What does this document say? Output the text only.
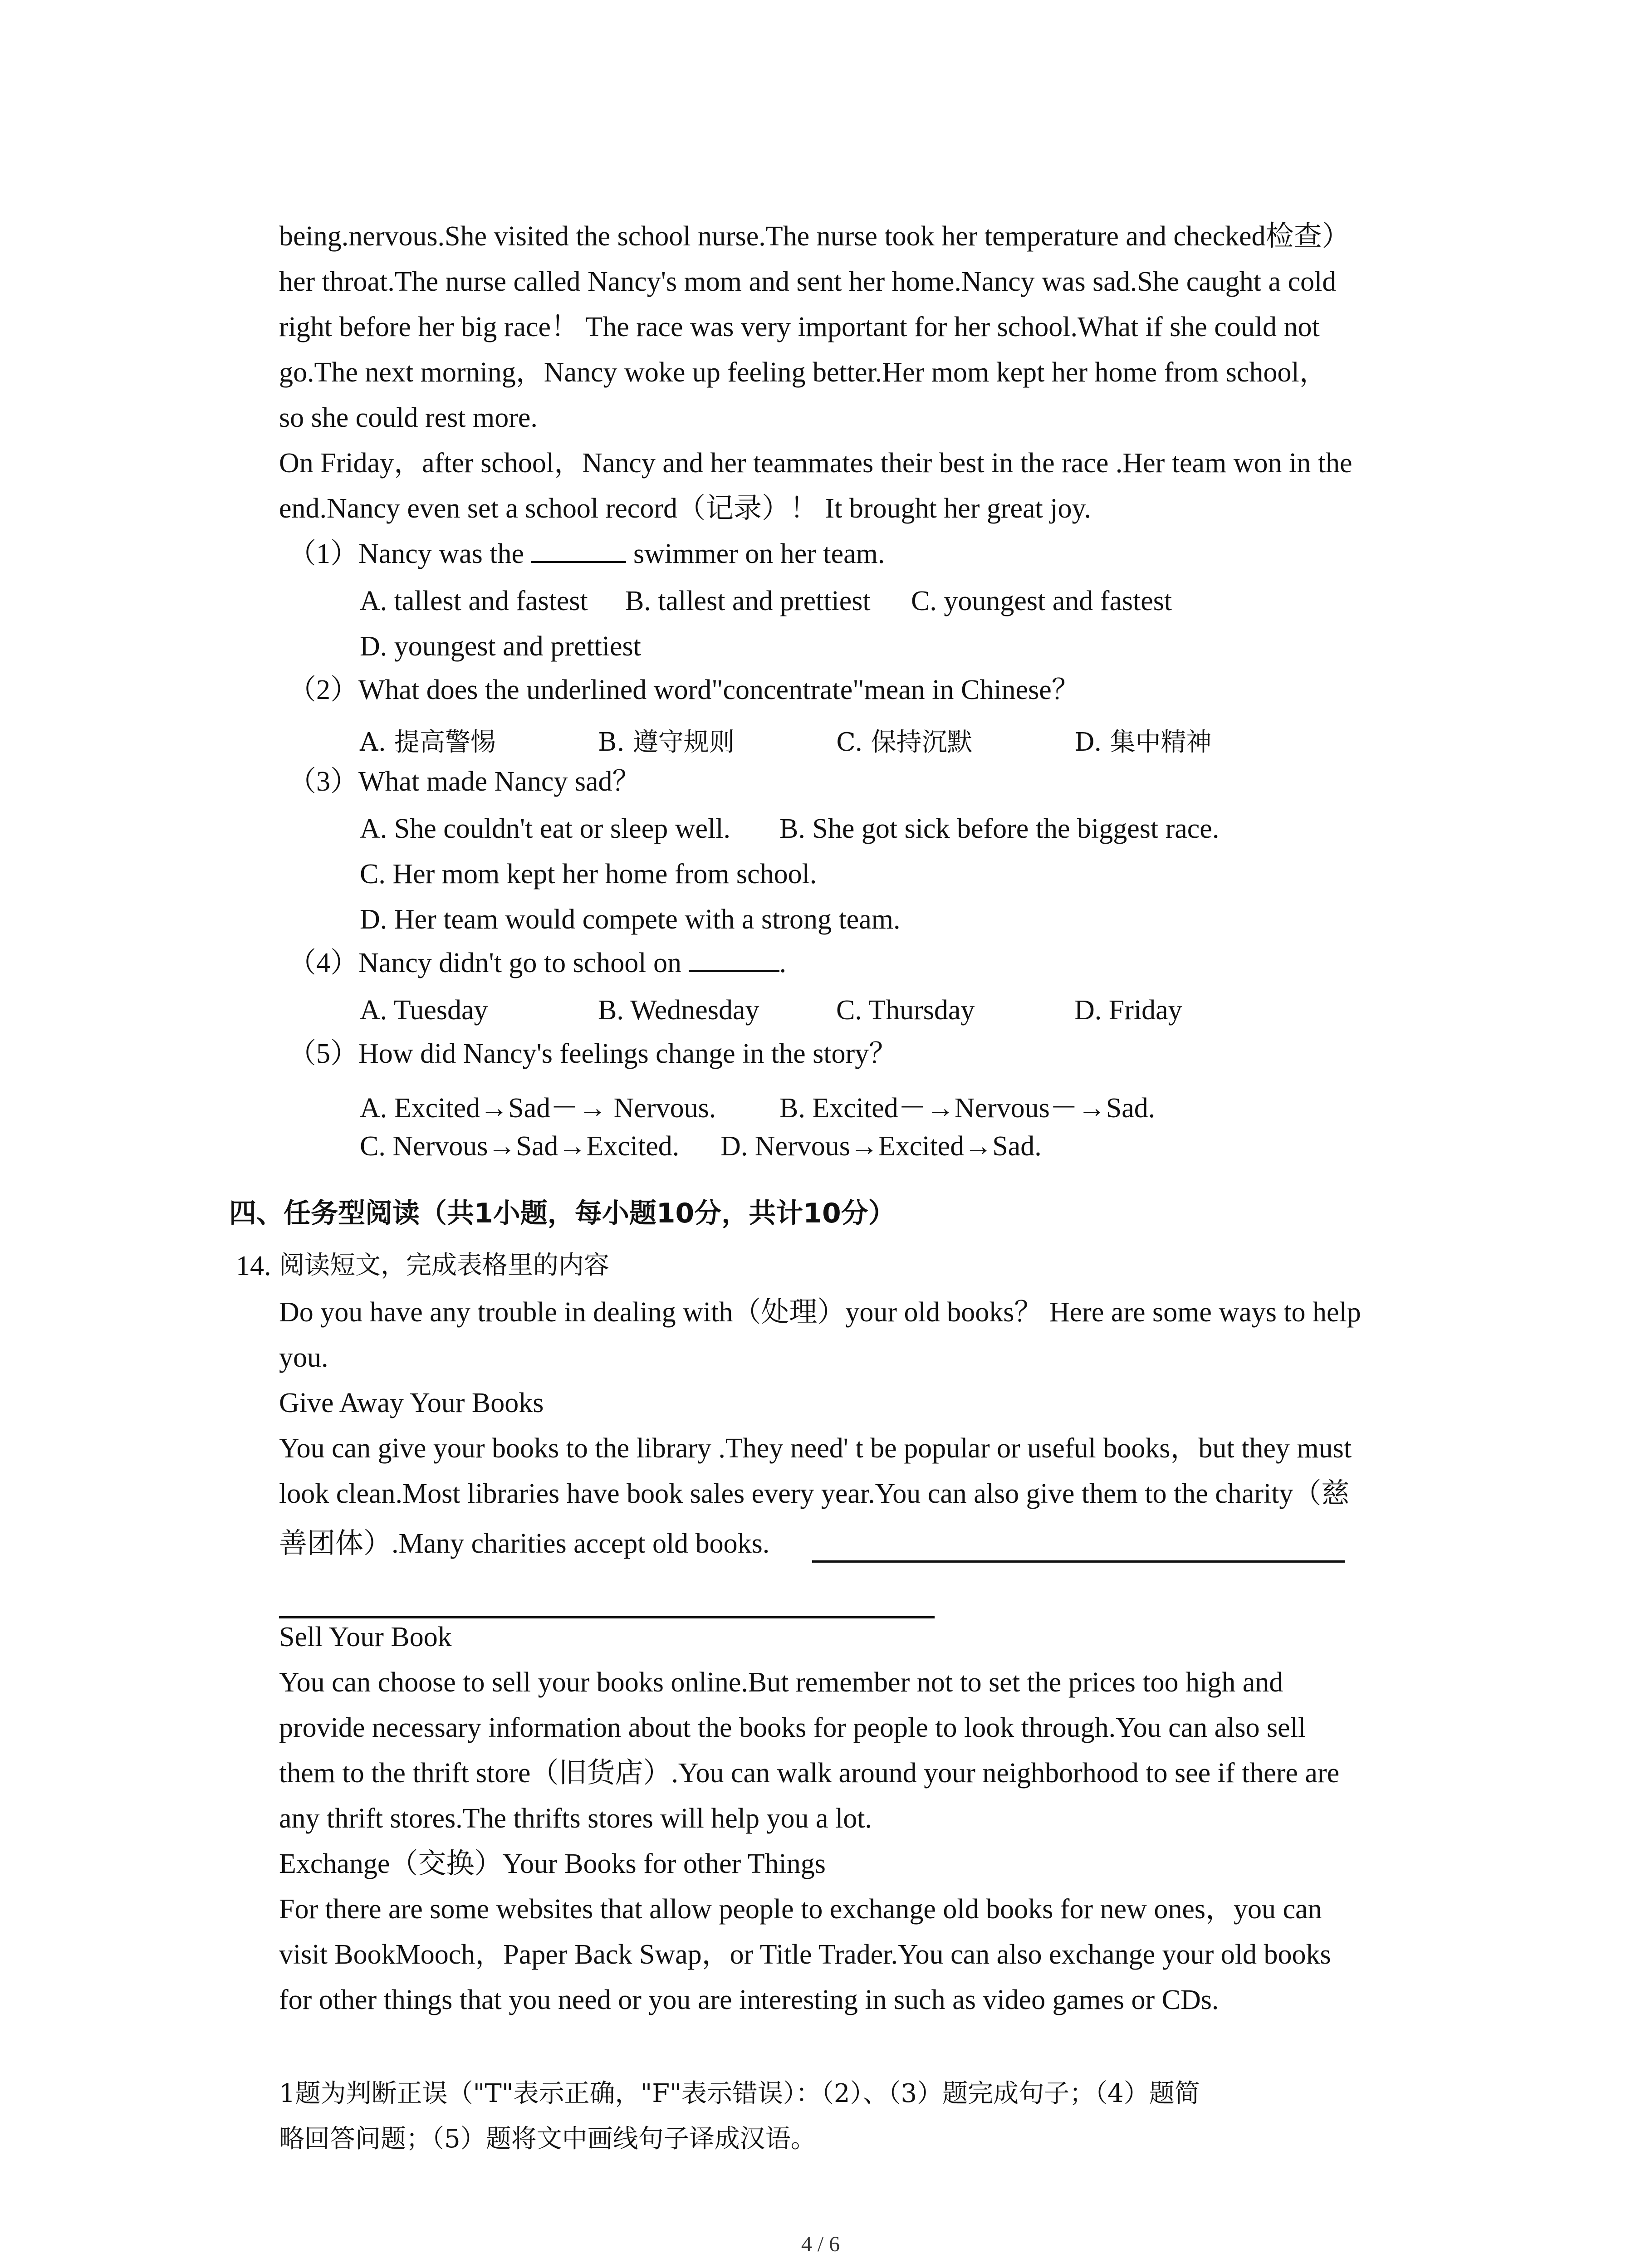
being.nervous.She visited the school nurse.The nurse took her temperature and checked检查）
her throat.The nurse called Nancy's mom and sent her home.Nancy was sad.She caught a cold
right before her big race！ The race was very important for her school.What if she could not
go.The next morning，Nancy woke up feeling better.Her mom kept her home from school，
so she could rest more.
On Friday，after school，Nancy and her teammates their best in the race .Her team won in the
end.Nancy even set a school record（记录）！ It brought her great joy.
（1）Nancy was the	swimmer on her team.
A. tallest and fastest B. tallest and prettiest C. youngest and fastest
D. youngest and prettiest
（2）What does the underlined word"concentrate"mean in Chinese？
A. 提高警惕	B. 遵守规则	C. 保持沉默	D. 集中精神
（3）What made Nancy sad？
A. She couldn't eat or sleep well. B. She got sick before the biggest race.
C. Her mom kept her home from school.
D. Her team would compete with a strong team.
（4）Nancy didn't go to school on	.
A. Tuesday	B. Wednesday	C. Thursday	D. Friday
（5）How did Nancy's feelings change in the story？
A. Excited→Sad－→ Nervous. B. Excited－→Nervous－→Sad.
C. Nervous→Sad→Excited. D. Nervous→Excited→Sad.
四、任务型阅读（共1小题，每小题10分，共计10分）
14. 阅读短文，完成表格里的内容
Do you have any trouble in dealing with（处理）your old books？ Here are some ways to help
you.
Give Away Your Books
You can give your books to the library .They need' t be popular or useful books，but they must
look clean.Most libraries have book sales every year.You can also give them to the charity（慈
善团体）.Many charities accept old books.
Sell Your Book
You can choose to sell your books online.But remember not to set the prices too high and
provide necessary information about the books for people to look through.You can also sell
them to the thrift store（旧货店）.You can walk around your neighborhood to see if there are
any thrift stores.The thrifts stores will help you a lot.
Exchange（交换）Your Books for other Things
For there are some websites that allow people to exchange old books for new ones，you can
visit BookMooch，Paper Back Swap，or Title Trader.You can also exchange your old books
for other things that you need or you are interesting in such as video games or CDs.
1题为判断正误（"T"表示正确，"F"表示错误）：（2）、（3）题完成句子；（4）题简
略回答问题；（5）题将文中画线句子译成汉语。
4 / 6
